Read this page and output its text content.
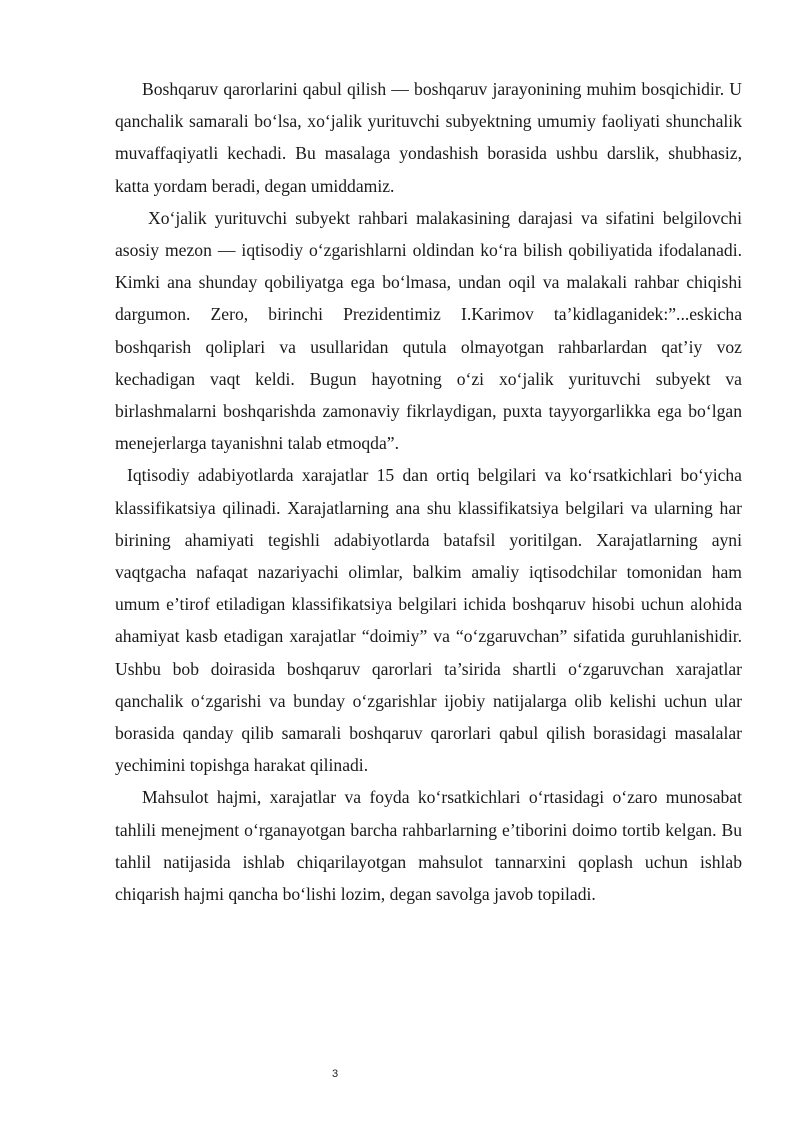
Boshqaruv qarorlarini qabul qilish — boshqaruv jarayonining muhim bosqichidir. U qanchalik samarali bo‘lsa, xo‘jalik yurituvchi subyektning umumiy faoliyati shunchalik muvaffaqiyatli kechadi. Bu masalaga yondashish borasida ushbu darslik, shubhasiz, katta yordam beradi, degan umiddamiz.

Xo‘jalik yurituvchi subyekt rahbari malakasining darajasi va sifatini belgilovchi asosiy mezon — iqtisodiy o‘zgarishlarni oldindan ko‘ra bilish qobiliyatida ifodalanadi. Kimki ana shunday qobiliyatga ega bo‘lmasa, undan oqil va malakali rahbar chiqishi dargumon. Zero, birinchi Prezidentimiz I.Karimov ta’kidlaganidek:”...eskicha boshqarish qoliplari va usullaridan qutula olmayotgan rahbarlardan qat’iy voz kechadigan vaqt keldi. Bugun hayotning o‘zi xo‘jalik yurituvchi subyekt va birlashmalarni boshqarishda zamonaviy fikrlaydigan, puxta tayyorgarlikka ega bo‘lgan menejerlarga tayanishni talab etmoqda”.

Iqtisodiy adabiyotlarda xarajatlar 15 dan ortiq belgilari va ko‘rsatkichlari bo‘yicha klassifikatsiya qilinadi. Xarajatlarning ana shu klassifikatsiya belgilari va ularning har birining ahamiyati tegishli adabiyotlarda batafsil yoritilgan. Xarajatlarning ayni vaqtgacha nafaqat nazariyachi olimlar, balkim amaliy iqtisodchilar tomonidan ham umum e’tirof etiladigan klassifikatsiya belgilari ichida boshqaruv hisobi uchun alohida ahamiyat kasb etadigan xarajatlar “doimiy” va “o‘zgaruvchan” sifatida guruhlanishidir. Ushbu bob doirasida boshqaruv qarorlari ta’sirida shartli o‘zgaruvchan xarajatlar qanchalik o‘zgarishi va bunday o‘zgarishlar ijobiy natijalarga olib kelishi uchun ular borasida qanday qilib samarali boshqaruv qarorlari qabul qilish borasidagi masalalar yechimini topishga harakat qilinadi.

Mahsulot hajmi, xarajatlar va foyda ko‘rsatkichlari o‘rtasidagi o‘zaro munosabat tahlili menejment o‘rganayotgan barcha rahbarlarning e’tiborini doimo tortib kelgan. Bu tahlil natijasida ishlab chiqarilayotgan mahsulot tannarxini qoplash uchun ishlab chiqarish hajmi qancha bo‘lishi lozim, degan savolga javob topiladi.

3
